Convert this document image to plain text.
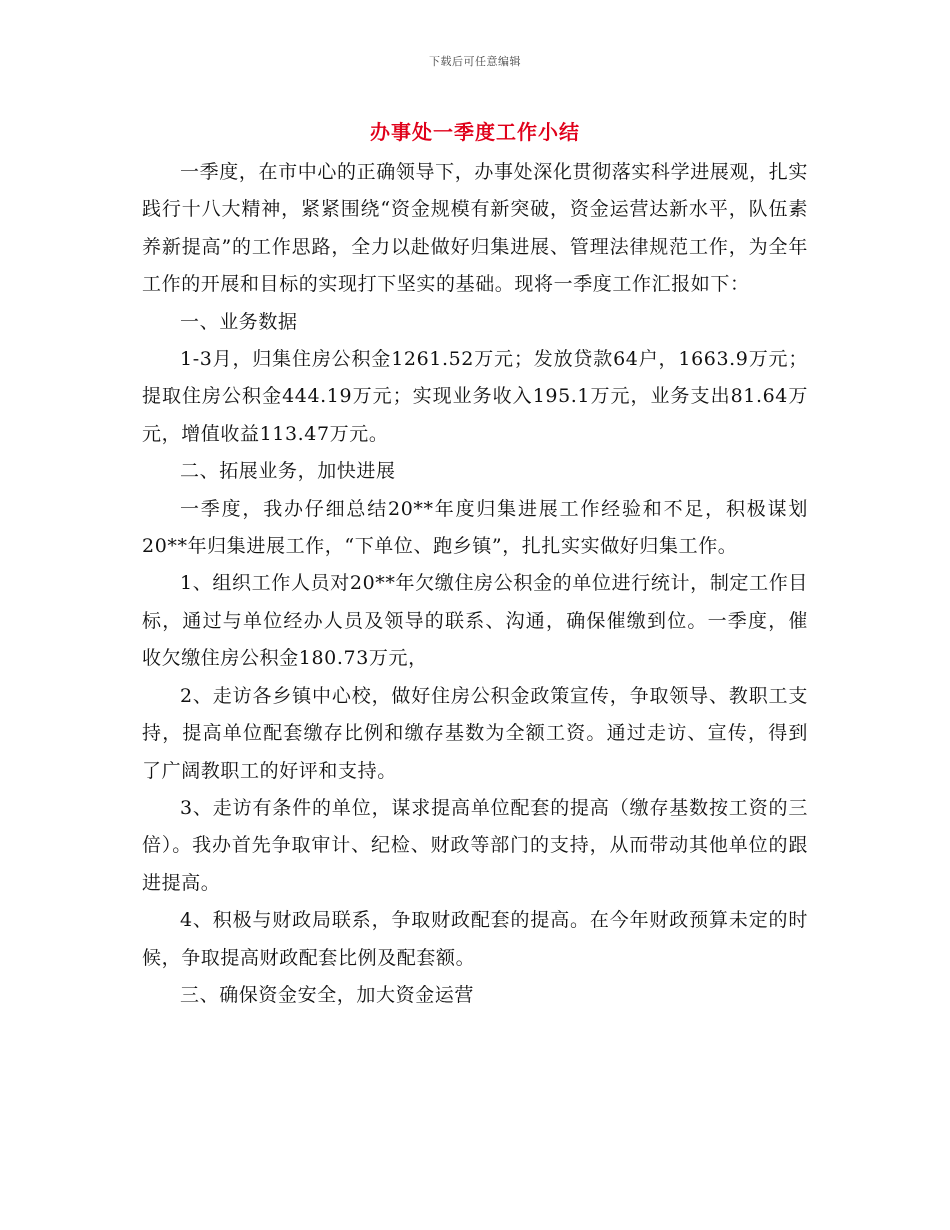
下载后可任意编辑
办事处一季度工作小结

一季度，在市中心的正确领导下，办事处深化贯彻落实科学进展观，扎实践行十八大精神，紧紧围绕“资金规模有新突破，资金运营达新水平，队伍素养新提高”的工作思路，全力以赴做好归集进展、管理法律规范工作，为全年工作的开展和目标的实现打下坚实的基础。现将一季度工作汇报如下：

一、业务数据

1-3月，归集住房公积金1261.52万元；发放贷款64户，1663.9万元；提取住房公积金444.19万元；实现业务收入195.1万元，业务支出81.64万元，增值收益113.47万元。

二、拓展业务，加快进展

一季度，我办仔细总结20**年度归集进展工作经验和不足，积极谋划20**年归集进展工作，“下单位、跑乡镇”，扎扎实实做好归集工作。

1、组织工作人员对20**年欠缴住房公积金的单位进行统计，制定工作目标，通过与单位经办人员及领导的联系、沟通，确保催缴到位。一季度，催收欠缴住房公积金180.73万元，

2、走访各乡镇中心校，做好住房公积金政策宣传，争取领导、教职工支持，提高单位配套缴存比例和缴存基数为全额工资。通过走访、宣传，得到了广阔教职工的好评和支持。

3、走访有条件的单位，谋求提高单位配套的提高（缴存基数按工资的三倍）。我办首先争取审计、纪检、财政等部门的支持，从而带动其他单位的跟进提高。

4、积极与财政局联系，争取财政配套的提高。在今年财政预算未定的时候，争取提高财政配套比例及配套额。

三、确保资金安全，加大资金运营
